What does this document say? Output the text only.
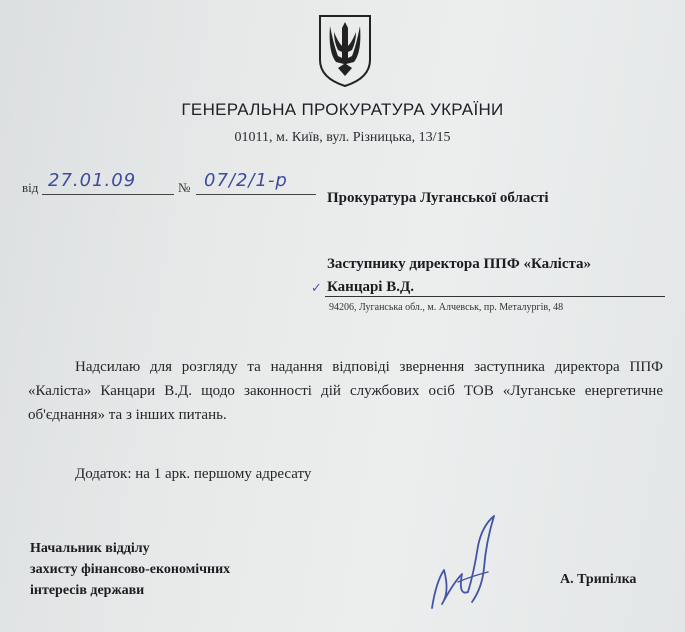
ГЕНЕРАЛЬНА ПРОКУРАТУРА УКРАЇНИ
01011, м. Київ, вул. Різницька, 13/15
від 27.01.09	№ 07/2/1-р
Прокуратура Луганської області
Заступнику директора ППФ «Калiста»
✓ Канцарi В.Д.
94206, Луганська обл., м. Алчевськ, пр. Металургiв, 48

Надсилаю для розгляду та надання відповіді звернення заступника директора ППФ «Каліста» Канцари В.Д. щодо законності дій службових осіб ТОВ «Луганське енергетичне об'єднання» та з інших питань.

Додаток: на 1 арк. першому адресату
Начальник відділу
захисту фінансово-економічних
інтересів держави
А. Трипілка
